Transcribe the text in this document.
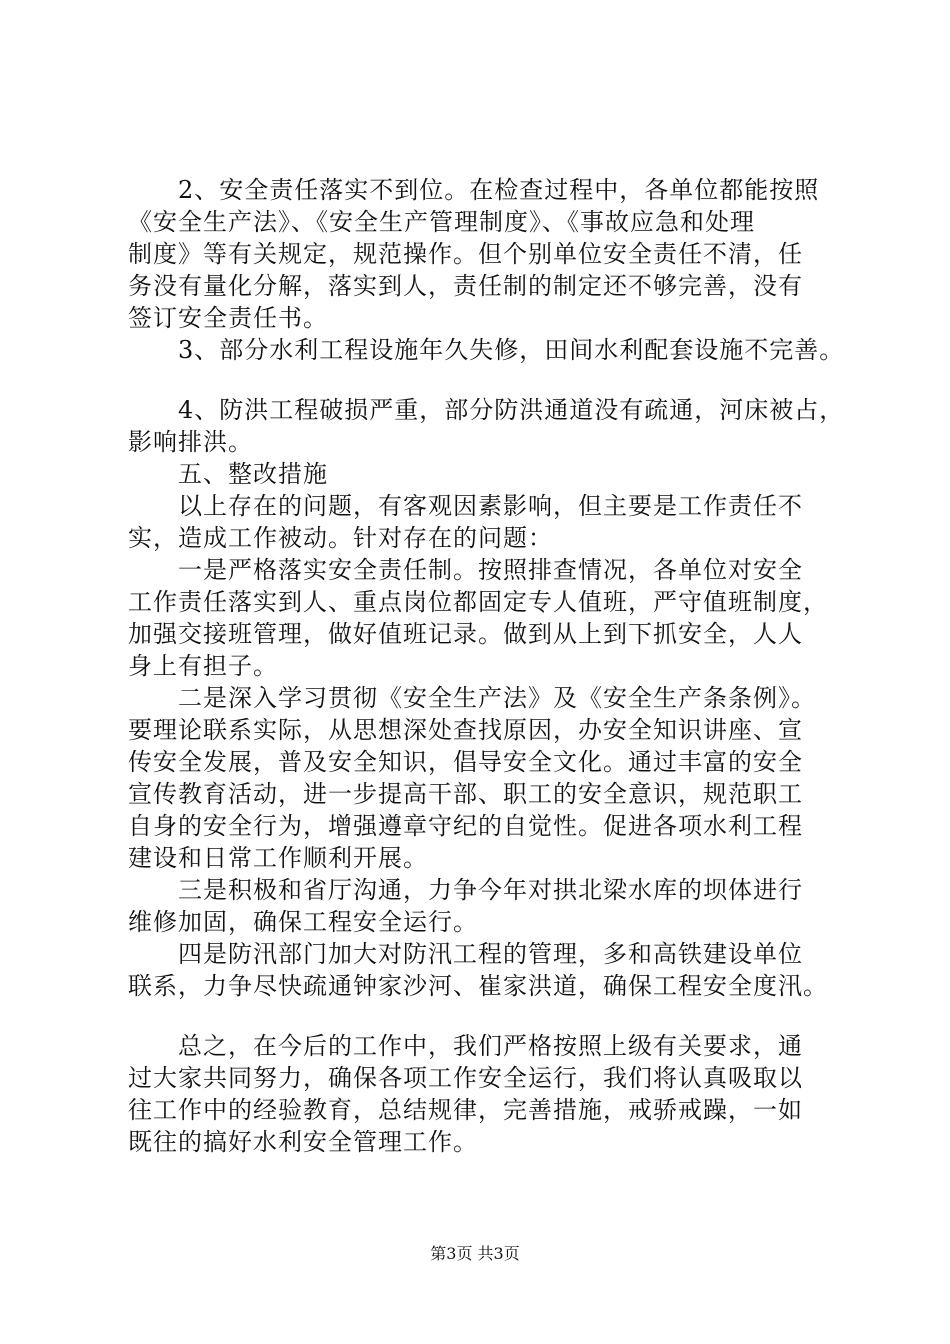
　　2、安全责任落实不到位。在检查过程中，各单位都能按照
《安全生产法》、《安全生产管理制度》、《事故应急和处理
制度》等有关规定，规范操作。但个别单位安全责任不清，任
务没有量化分解，落实到人，责任制的制定还不够完善，没有
签订安全责任书。
　　3、部分水利工程设施年久失修，田间水利配套设施不完善。
　　4、防洪工程破损严重，部分防洪通道没有疏通，河床被占，
影响排洪。
　　五、整改措施
　　以上存在的问题，有客观因素影响，但主要是工作责任不
实，造成工作被动。针对存在的问题：
　　一是严格落实安全责任制。按照排查情况，各单位对安全
工作责任落实到人、重点岗位都固定专人值班，严守值班制度，
加强交接班管理，做好值班记录。做到从上到下抓安全，人人
身上有担子。
　　二是深入学习贯彻《安全生产法》及《安全生产条条例》。
要理论联系实际，从思想深处查找原因，办安全知识讲座、宣
传安全发展，普及安全知识，倡导安全文化。通过丰富的安全
宣传教育活动，进一步提高干部、职工的安全意识，规范职工
自身的安全行为，增强遵章守纪的自觉性。促进各项水利工程
建设和日常工作顺利开展。
　　三是积极和省厅沟通，力争今年对拱北梁水库的坝体进行
维修加固，确保工程安全运行。
　　四是防汛部门加大对防汛工程的管理，多和高铁建设单位
联系，力争尽快疏通钟家沙河、崔家洪道，确保工程安全度汛。
　　总之，在今后的工作中，我们严格按照上级有关要求，通
过大家共同努力，确保各项工作安全运行，我们将认真吸取以
往工作中的经验教育，总结规律，完善措施，戒骄戒躁，一如
既往的搞好水利安全管理工作。
第3页 共3页
